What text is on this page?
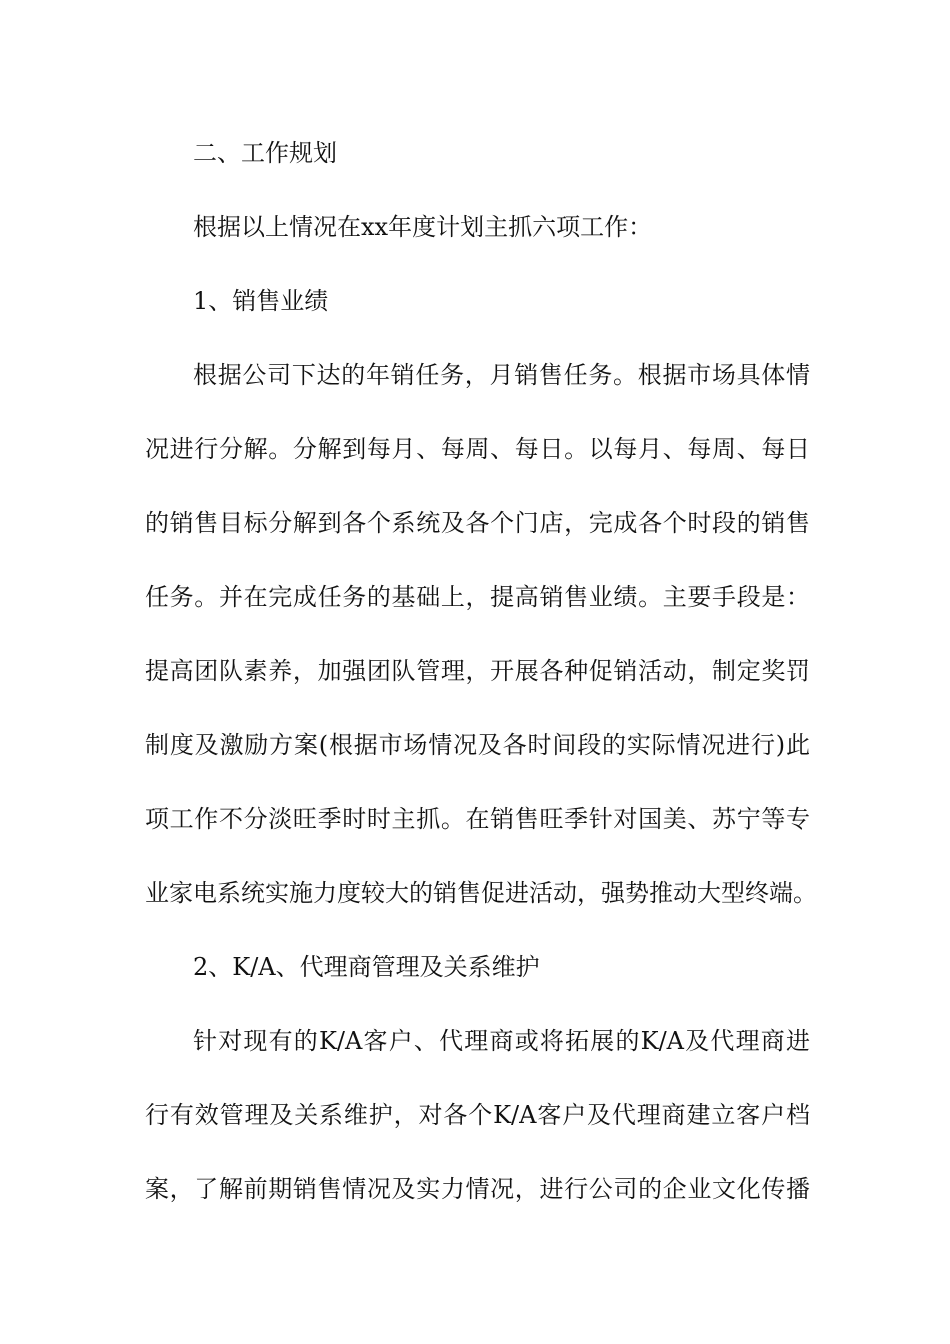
二、工作规划
根据以上情况在xx年度计划主抓六项工作：
1、销售业绩
根据公司下达的年销任务，月销售任务。根据市场具体情
况进行分解。分解到每月、每周、每日。以每月、每周、每日
的销售目标分解到各个系统及各个门店，完成各个时段的销售
任务。并在完成任务的基础上，提高销售业绩。主要手段是：
提高团队素养，加强团队管理，开展各种促销活动，制定奖罚
制度及激励方案(根据市场情况及各时间段的实际情况进行)此
项工作不分淡旺季时时主抓。在销售旺季针对国美、苏宁等专
业家电系统实施力度较大的销售促进活动，强势推动大型终端。
2、K/A、代理商管理及关系维护
针对现有的K/A客户、代理商或将拓展的K/A及代理商进
行有效管理及关系维护，对各个K/A客户及代理商建立客户档
案，了解前期销售情况及实力情况，进行公司的企业文化传播
